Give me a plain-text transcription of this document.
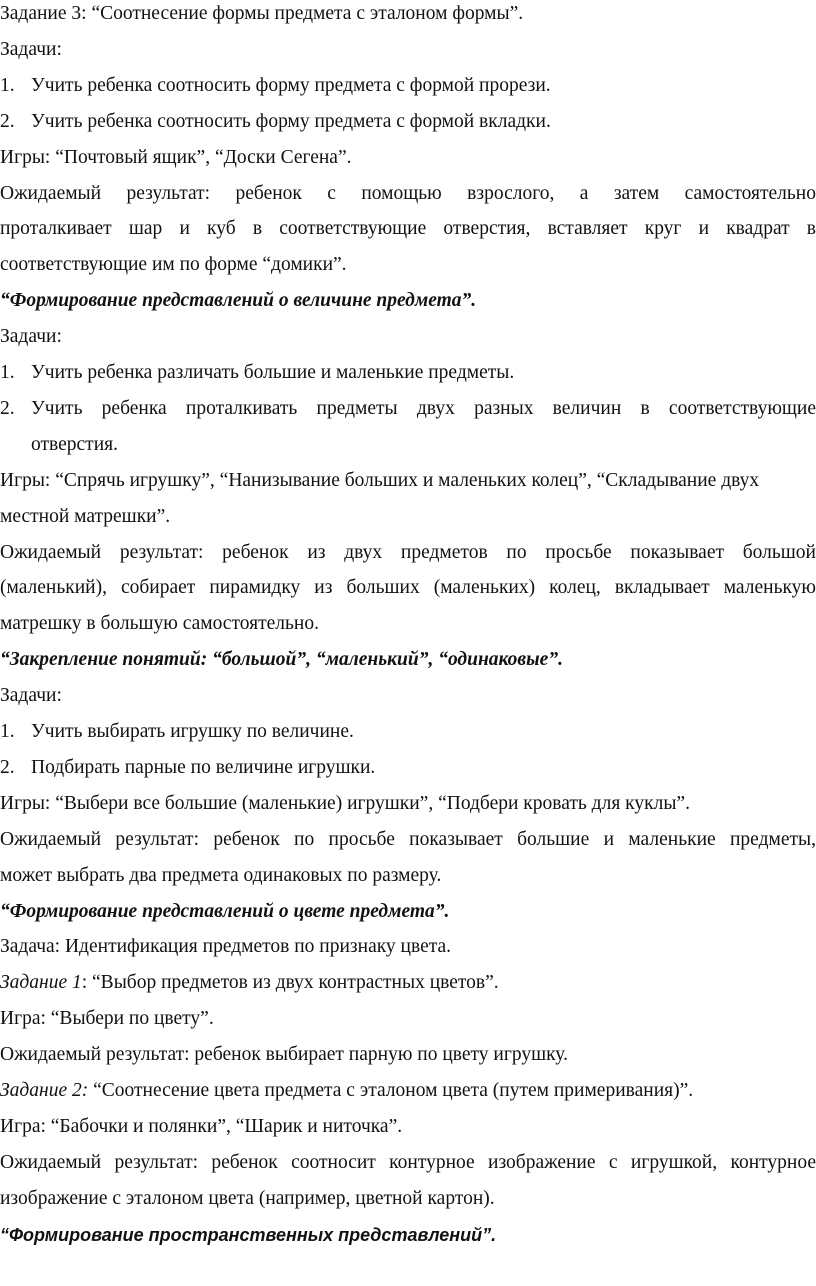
Задание 3: “Соотнесение формы предмета с эталоном формы”.
Задачи:
1. Учить ребенка соотносить форму предмета с формой прорези.
2. Учить ребенка соотносить форму предмета с формой вкладки.
Игры: “Почтовый ящик”, “Доски Сегена”.
Ожидаемый результат: ребенок с помощью взрослого, а затем самостоятельно
проталкивает шар и куб в соответствующие отверстия, вставляет круг и квадрат в
соответствующие им по форме “домики”.
“Формирование представлений о величине предмета”.
Задачи:
1. Учить ребенка различать большие и маленькие предметы.
2. Учить ребенка проталкивать предметы двух разных величин в соответствующие
отверстия.
Игры: “Спрячь игрушку”, “Нанизывание больших и маленьких колец”, “Складывание двух
местной матрешки”.
Ожидаемый результат: ребенок из двух предметов по просьбе показывает большой
(маленький), собирает пирамидку из больших (маленьких) колец, вкладывает маленькую
матрешку в большую самостоятельно.
“Закрепление понятий: “большой”, “маленький”, “одинаковые”.
Задачи:
1. Учить выбирать игрушку по величине.
2. Подбирать парные по величине игрушки.
Игры: “Выбери все большие (маленькие) игрушки”, “Подбери кровать для куклы”.
Ожидаемый результат: ребенок по просьбе показывает большие и маленькие предметы,
может выбрать два предмета одинаковых по размеру.
“Формирование представлений о цвете предмета”.
Задача: Идентификация предметов по признаку цвета.
Задание 1: “Выбор предметов из двух контрастных цветов”.
Игра: “Выбери по цвету”.
Ожидаемый результат: ребенок выбирает парную по цвету игрушку.
Задание 2: “Соотнесение цвета предмета с эталоном цвета (путем примеривания)”.
Игра: “Бабочки и полянки”, “Шарик и ниточка”.
Ожидаемый результат: ребенок соотносит контурное изображение с игрушкой, контурное
изображение с эталоном цвета (например, цветной картон).
“Формирование пространственных представлений”.
